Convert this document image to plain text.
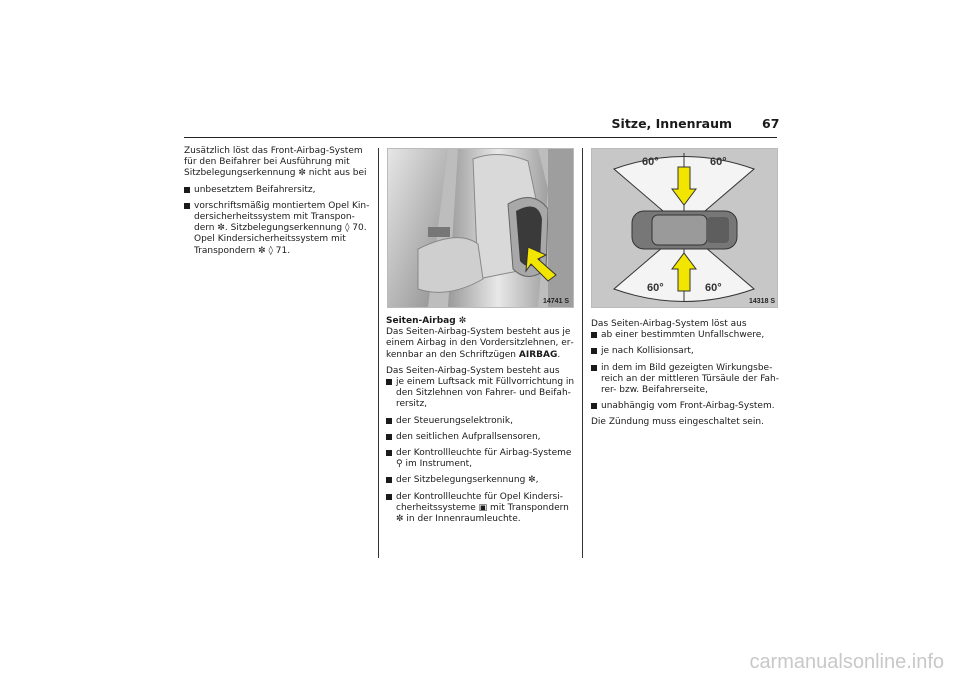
Sitze, Innenraum 67

Zusätzlich löst das Front-Airbag-System für den Beifahrer bei Ausführung mit Sitzbelegungserkennung ✼ nicht aus bei

unbesetztem Beifahrersitz,
vorschriftsmäßig montiertem Opel Kindersicherheitssystem mit Transpondern ✼. Sitzbelegungserkennung ◊ 70. Opel Kindersicherheitssystem mit Transpondern ✼ ◊ 71.
14741 S
60°	60°
60°	60°
14318 S
Seiten-Airbag ✼

Das Seiten-Airbag-System besteht aus je einem Airbag in den Vordersitzlehnen, erkennbar an den Schriftzügen AIRBAG.

Das Seiten-Airbag-System besteht aus
je einem Luftsack mit Füllvorrichtung in den Sitzlehnen von Fahrer- und Beifahrersitz,
der Steuerungselektronik,
den seitlichen Aufprallsensoren,
der Kontrollleuchte für Airbag-Systeme ⚲ im Instrument,
der Sitzbelegungserkennung ✼,
der Kontrollleuchte für Opel Kindersicherheitssysteme ▣ mit Transpondern ✼ in der Innenraumleuchte.
Das Seiten-Airbag-System löst aus
ab einer bestimmten Unfallschwere,
je nach Kollisionsart,
in dem im Bild gezeigten Wirkungsbereich an der mittleren Türsäule der Fahrer- bzw. Beifahrerseite,
unabhängig vom Front-Airbag-System.

Die Zündung muss eingeschaltet sein.

carmanualsonline.info
